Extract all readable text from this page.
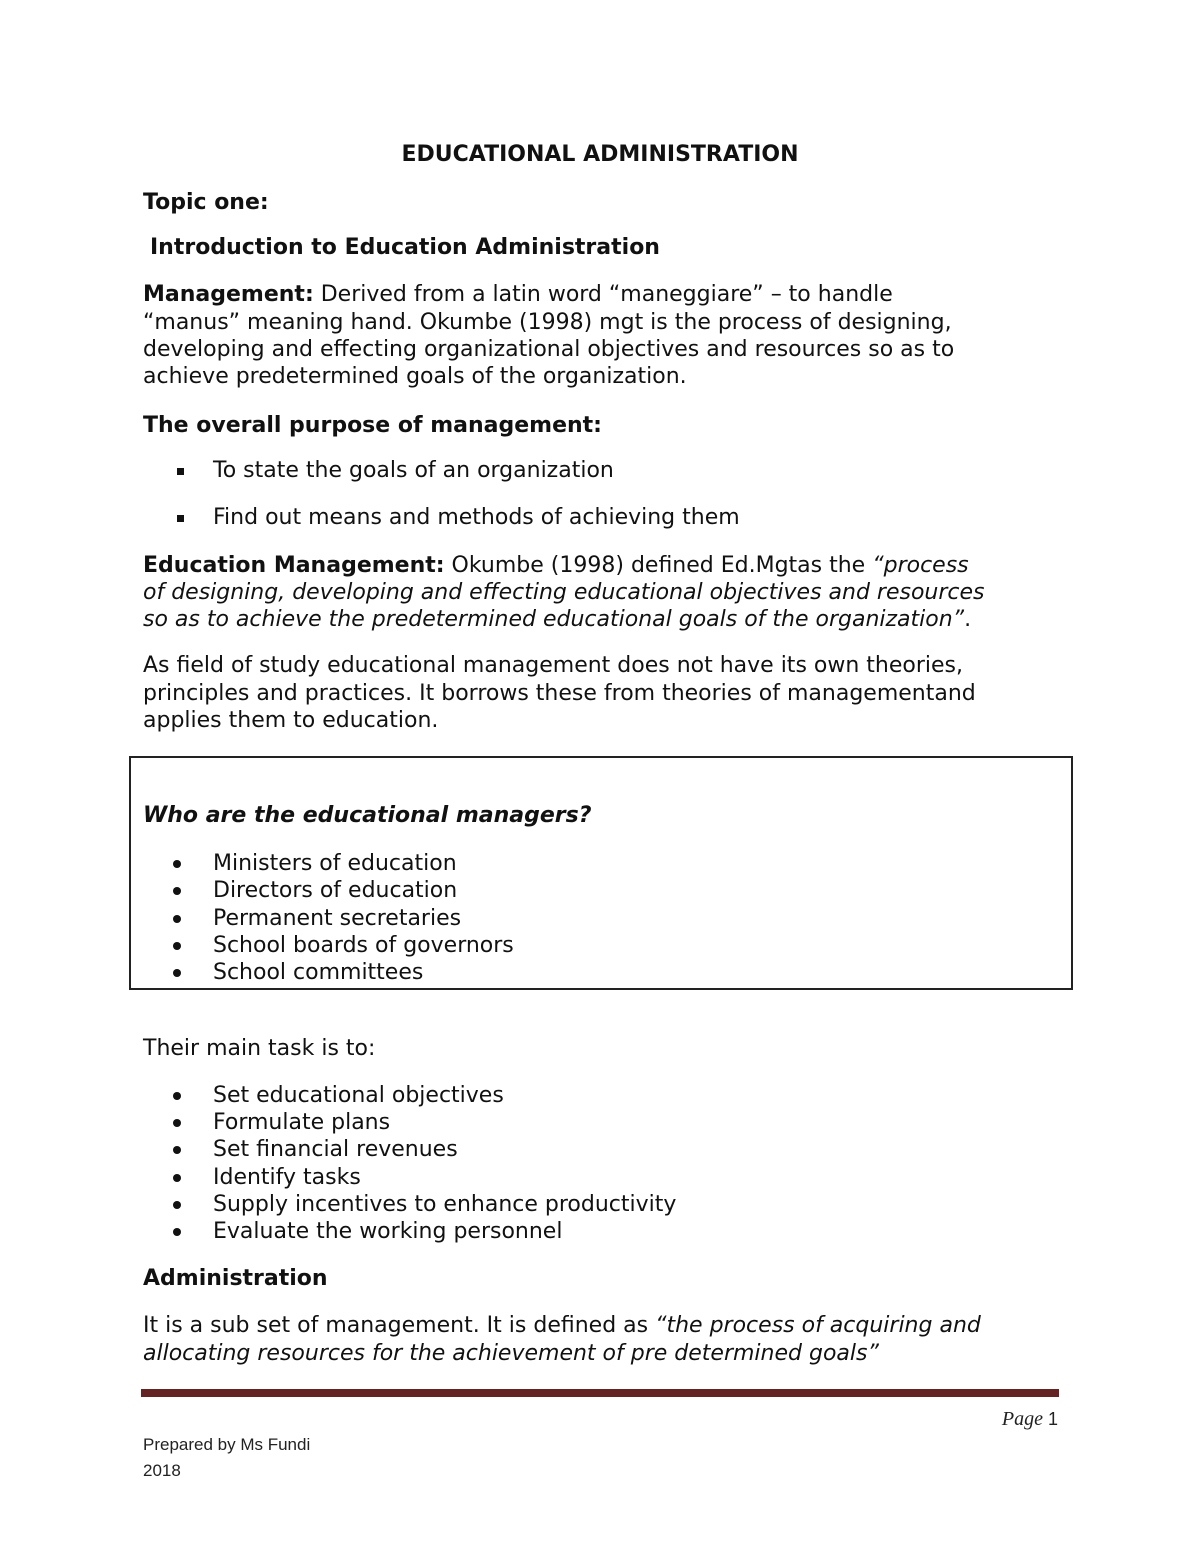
EDUCATIONAL ADMINISTRATION
Topic one:
Introduction to Education Administration
Management: Derived from a latin word “maneggiare” – to handle
“manus” meaning hand. Okumbe (1998) mgt is the process of designing,
developing and effecting organizational objectives and resources so as to
achieve predetermined goals of the organization.
The overall purpose of management:
To state the goals of an organization
Find out means and methods of achieving them
Education Management: Okumbe (1998) defined Ed.Mgtas the “process
of designing, developing and effecting educational objectives and resources
so as to achieve the predetermined educational goals of the organization”.
As field of study educational management does not have its own theories,
principles and practices. It borrows these from theories of managementand
applies them to education.
Who are the educational managers?
Ministers of education
Directors of education
Permanent secretaries
School boards of governors
School committees
Their main task is to:
Set educational objectives
Formulate plans
Set financial revenues
Identify tasks
Supply incentives to enhance productivity
Evaluate the working personnel
Administration
It is a sub set of management. It is defined as “the process of acquiring and
allocating resources for the achievement of pre determined goals”
Page 1
Prepared by Ms Fundi
2018
